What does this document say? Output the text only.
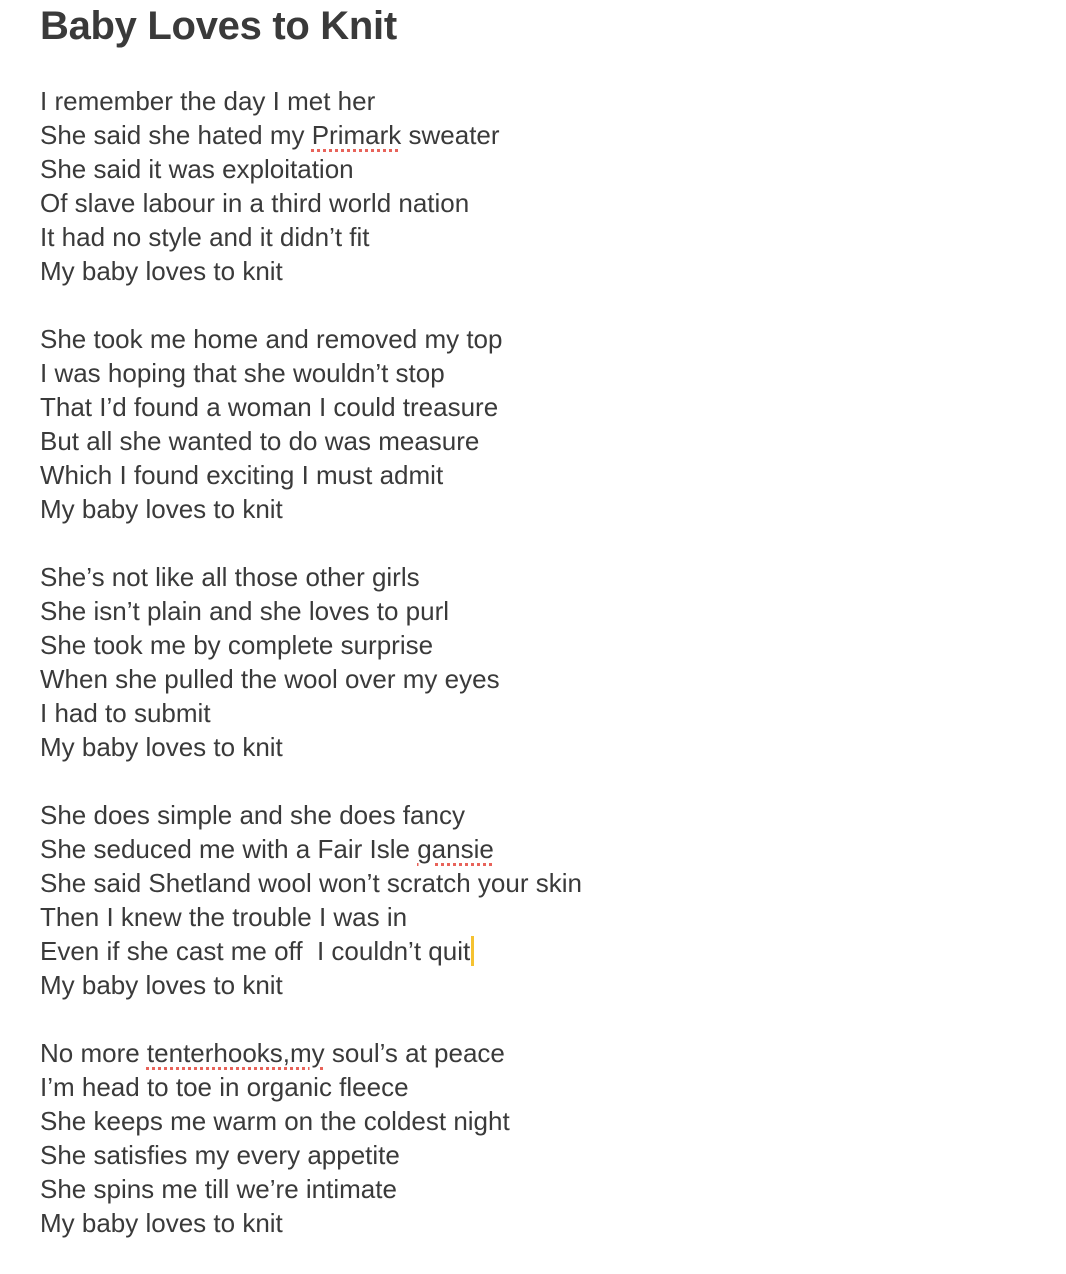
Baby Loves to Knit
I remember the day I met her
She said she hated my Primark sweater
She said it was exploitation
Of slave labour in a third world nation
It had no style and it didn’t fit
My baby loves to knit
She took me home and removed my top
I was hoping that she wouldn’t stop
That I’d found a woman I could treasure
But all she wanted to do was measure
Which I found exciting I must admit
My baby loves to knit
She’s not like all those other girls
She isn’t plain and she loves to purl
She took me by complete surprise
When she pulled the wool over my eyes
I had to submit
My baby loves to knit
She does simple and she does fancy
She seduced me with a Fair Isle gansie
She said Shetland wool won’t scratch your skin
Then I knew the trouble I was in
Even if she cast me off  I couldn’t quit
My baby loves to knit
No more tenterhooks,my soul’s at peace
I’m head to toe in organic fleece
She keeps me warm on the coldest night
She satisfies my every appetite
She spins me till we’re intimate
My baby loves to knit
